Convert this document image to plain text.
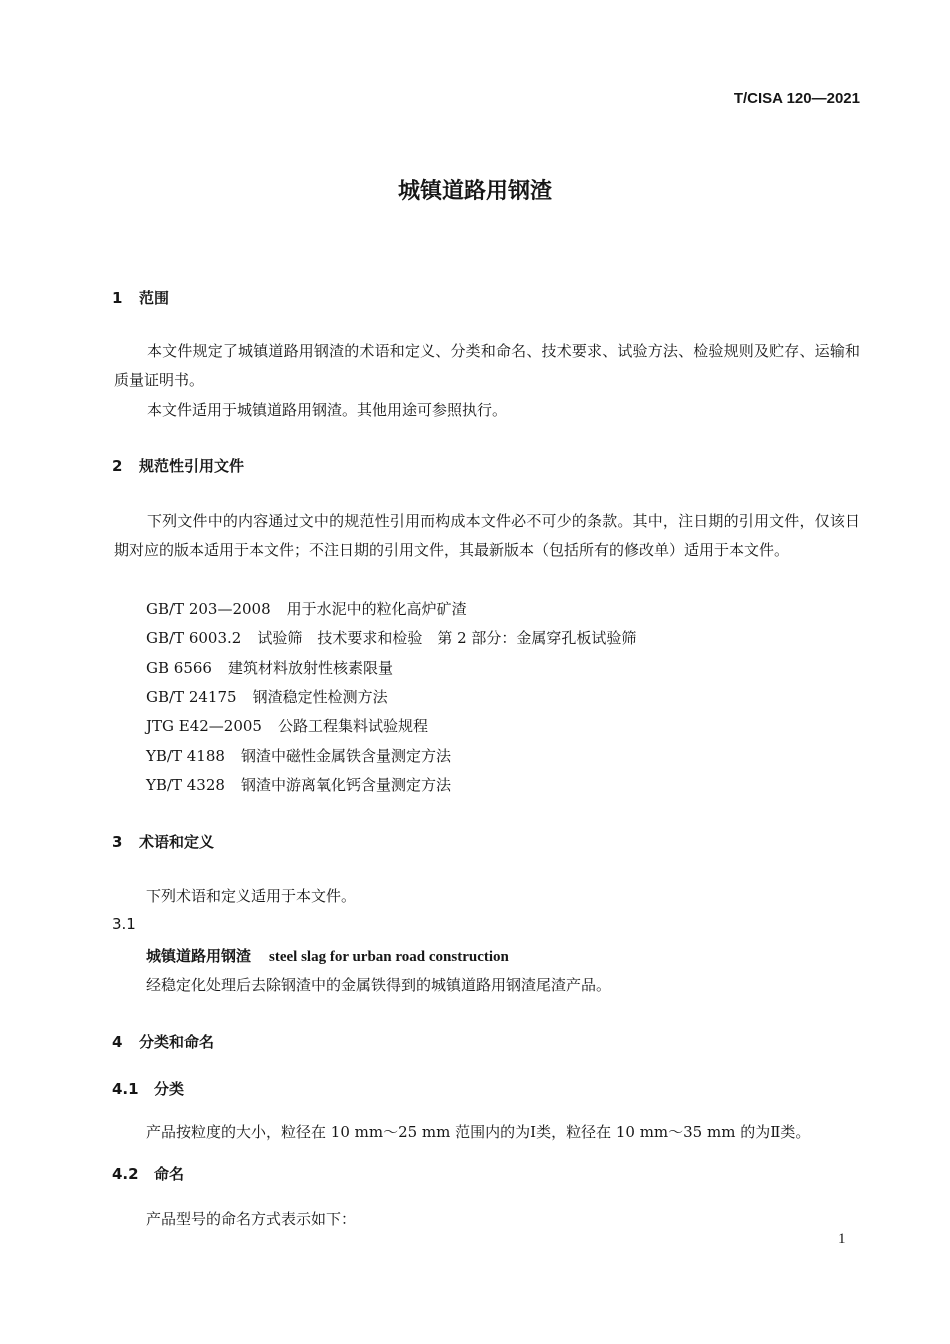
T/CISA 120—2021
城镇道路用钢渣
1 范围
本文件规定了城镇道路用钢渣的术语和定义、分类和命名、技术要求、试验方法、检验规则及贮存、运输和质量证明书。
本文件适用于城镇道路用钢渣。其他用途可参照执行。
2 规范性引用文件
下列文件中的内容通过文中的规范性引用而构成本文件必不可少的条款。其中，注日期的引用文件，仅该日期对应的版本适用于本文件；不注日期的引用文件，其最新版本（包括所有的修改单）适用于本文件。
GB/T 203—2008 用于水泥中的粒化高炉矿渣
GB/T 6003.2 试验筛　技术要求和检验　第 2 部分：金属穿孔板试验筛
GB 6566 建筑材料放射性核素限量
GB/T 24175 钢渣稳定性检测方法
JTG E42—2005 公路工程集料试验规程
YB/T 4188 钢渣中磁性金属铁含量测定方法
YB/T 4328 钢渣中游离氧化钙含量测定方法
3 术语和定义
下列术语和定义适用于本文件。
3.1
城镇道路用钢渣 steel slag for urban road construction
经稳定化处理后去除钢渣中的金属铁得到的城镇道路用钢渣尾渣产品。
4 分类和命名
4.1 分类
产品按粒度的大小，粒径在 10 mm～25 mm 范围内的为Ⅰ类，粒径在 10 mm～35 mm 的为Ⅱ类。
4.2 命名
产品型号的命名方式表示如下：
1
